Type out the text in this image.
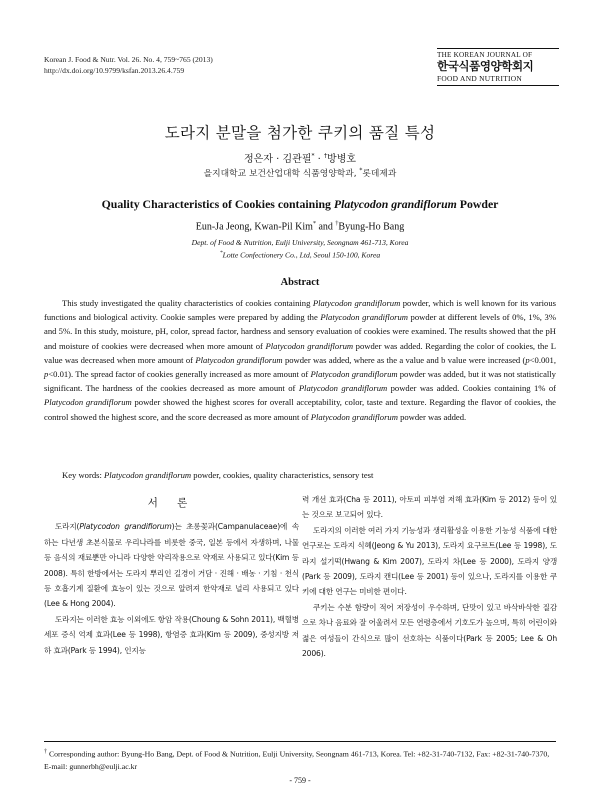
Korean J. Food & Nutr. Vol. 26. No. 4, 759~765 (2013)
http://dx.doi.org/10.9799/ksfan.2013.26.4.759
THE KOREAN JOURNAL OF
한국식품영양학회지
FOOD AND NUTRITION
도라지 분말을 첨가한 쿠키의 품질 특성
정은자 · 김관필* · †방병호
을지대학교 보건산업대학 식품영양학과, *롯데제과
Quality Characteristics of Cookies containing Platycodon grandiflorum Powder
Eun-Ja Jeong, Kwan-Pil Kim* and †Byung-Ho Bang
Dept. of Food & Nutrition, Eulji University, Seongnam 461-713, Korea
*Lotte Confectionery Co., Ltd, Seoul 150-100, Korea
Abstract

This study investigated the quality characteristics of cookies containing Platycodon grandiflorum powder, which is well known for its various functions and biological activity. Cookie samples were prepared by adding the Platycodon grandiflorum powder at different levels of 0%, 1%, 3% and 5%. In this study, moisture, pH, color, spread factor, hardness and sensory evaluation of cookies were examined. The results showed that the pH and moisture of cookies were decreased when more amount of Platycodon grandiflorum powder was added. Regarding the color of cookies, the L value was decreased when more amount of Platycodon grandiflorum powder was added, where as the a value and b value were increased (p<0.001, p<0.01). The spread factor of cookies generally increased as more amount of Platycodon grandiflorum powder was added, but it was not statistically significant. The hardness of the cookies decreased as more amount of Platycodon grandiflorum powder was added. Cookies containing 1% of Platycodon grandiflorum powder showed the highest scores for overall acceptability, color, taste and texture. Regarding the flavor of cookies, the control showed the highest score, and the score decreased as more amount of Platycodon grandiflorum powder was added.

Key words: Platycodon grandiflorum powder, cookies, quality characteristics, sensory test
서 론

도라지(Platycodon grandiflorum)는 초롱꽃과(Campanulaceae)에 속하는 다년생 초본식물로 우리나라를 비롯한 중국, 일본 등에서 자생하며, 나물 등 음식의 재료뿐만 아니라 다양한 약리작용으로 약재로 사용되고 있다(Kim 등 2008). 특히 한방에서는 도라지 뿌리인 길경이 거담 · 진해 · 배농 · 기침 · 천식 등 호흡기계 질환에 효능이 있는 것으로 알려져 한약재로 널리 사용되고 있다(Lee & Hong 2004).

도라지는 이러한 효능 이외에도 항암 작용(Choung & Sohn 2011), 백혈병 세포 증식 억제 효과(Lee 등 1998), 항염증 효과(Kim 등 2009), 중성지방 저하 효과(Park 등 1994), 인지능

력 개선 효과(Cha 등 2011), 아토피 피부염 저해 효과(Kim 등 2012) 등이 있는 것으로 보고되어 있다.

도라지의 이러한 여러 가지 기능성과 생리활성을 이용한 기능성 식품에 대한 연구로는 도라지 식혜(Jeong & Yu 2013), 도라지 요구르트(Lee 등 1998), 도라지 설기떡(Hwang & Kim 2007), 도라지 차(Lee 등 2000), 도라지 양갱(Park 등 2009), 도라지 캔디(Lee 등 2001) 등이 있으나, 도라지를 이용한 쿠키에 대한 연구는 미비한 편이다.

쿠키는 수분 함량이 적어 저장성이 우수하며, 단맛이 있고 바삭바삭한 질감으로 차나 음료와 잘 어울려서 모든 연령층에서 기호도가 높으며, 특히 어린이와 젊은 여성들이 간식으로 많이 선호하는 식품이다(Park 등 2005; Lee & Oh 2006).

† Corresponding author: Byung-Ho Bang, Dept. of Food & Nutrition, Eulji University, Seongnam 461-713, Korea. Tel: +82-31-740-7132, Fax: +82-31-740-7370, E-mail: gunnerbh@eulji.ac.kr
- 759 -
